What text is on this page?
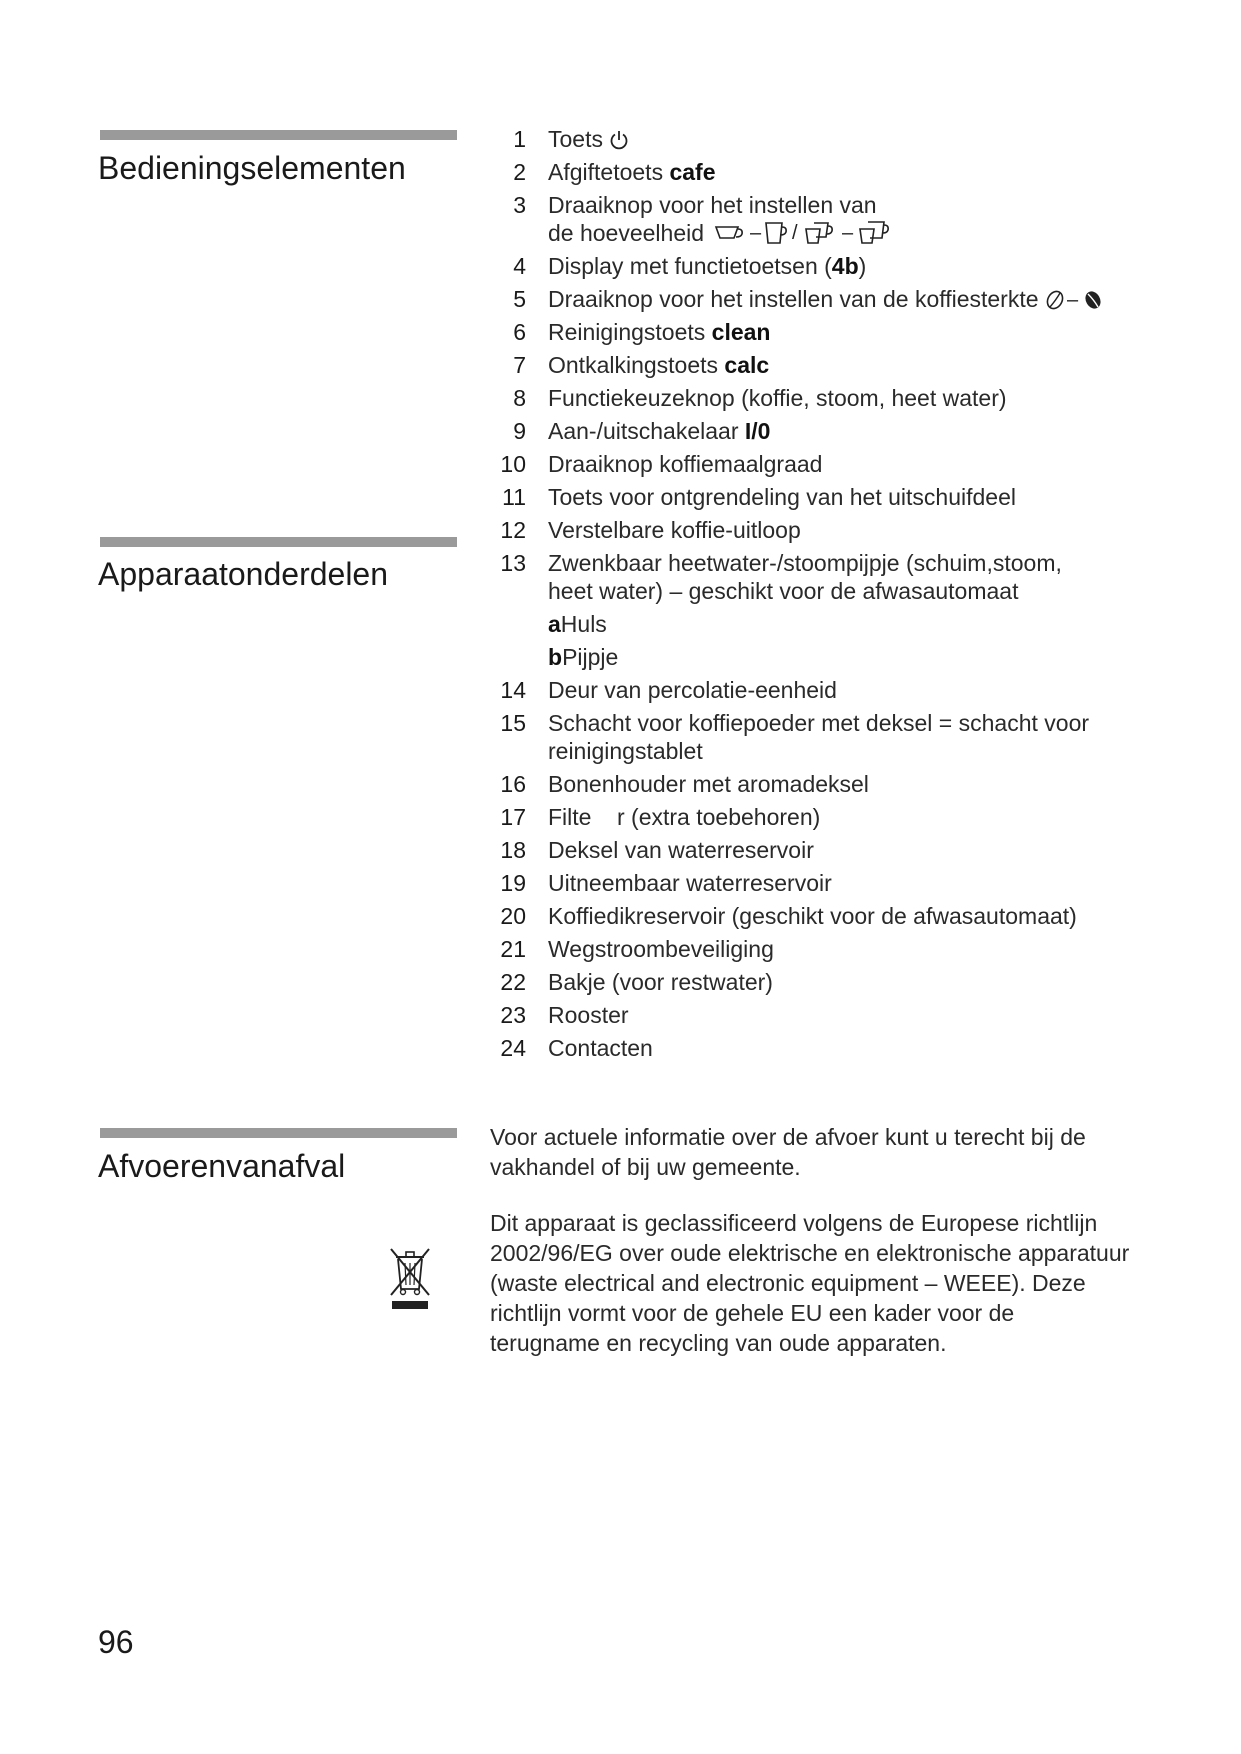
Bedieningselementen
Apparaatonderdelen
Afvoerenvanafval
1 Toets
2 Afgiftetoets cafe
3 Draaiknop voor het instellen van
de hoeveelheid – / –
4 Display met functietoetsen (4b)
5 Draaiknop voor het instellen van de koffiesterkte –
6 Reinigingstoets clean
7 Ontkalkingstoets calc
8 Functiekeuzeknop (koffie, stoom, heet water)
9 Aan-/uitschakelaar I/0
10 Draaiknop koffiemaalgraad
11 Toets voor ontgrendeling van het uitschuifdeel
12 Verstelbare koffie-uitloop
13 Zwenkbaar heetwater-/stoompijpje (schuim,stoom,
heet water) – geschikt voor de afwasautomaat
aHuls
bPijpje
14 Deur van percolatie-eenheid
15 Schacht voor koffiepoeder met deksel = schacht voor
reinigingstablet
16 Bonenhouder met aromadeksel
17 Filte    r (extra toebehoren)
18 Deksel van waterreservoir
19 Uitneembaar waterreservoir
20 Koffiedikreservoir (geschikt voor de afwasautomaat)
21 Wegstroombeveiliging
22 Bakje (voor restwater)
23 Rooster
24 Contacten

Voor actuele informatie over de afvoer kunt u terecht bij de vakhandel of bij uw gemeente.

Dit apparaat is geclassificeerd volgens de Europese richtlijn 2002/96/EG over oude elektrische en elektronische apparatuur (waste electrical and electronic equipment – WEEE). Deze richtlijn vormt voor de gehele EU een kader voor de terugname en recycling van oude apparaten.

96
